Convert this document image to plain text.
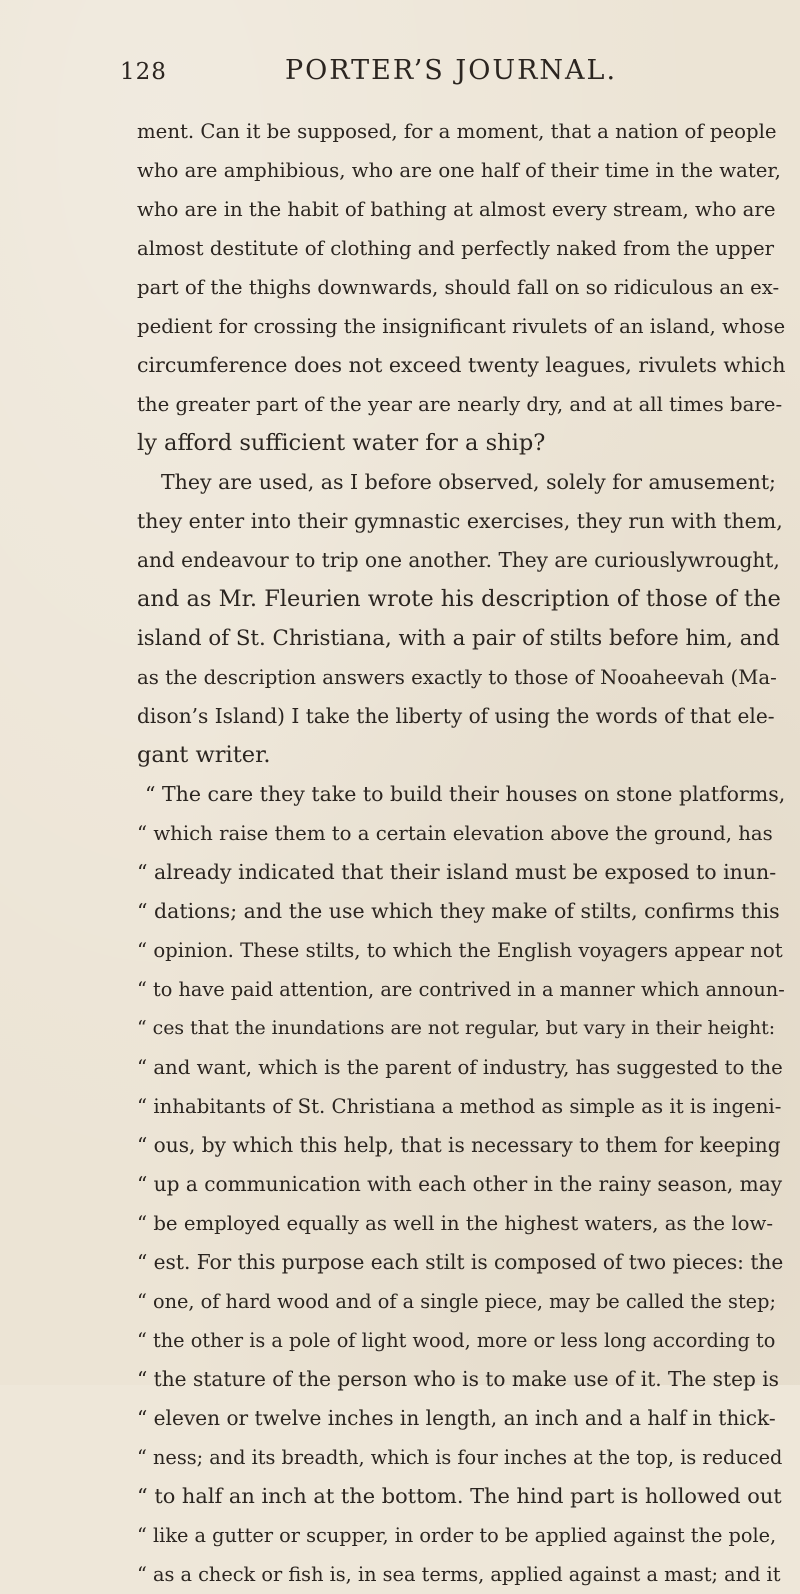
128	PORTER’S JOURNAL.
ment. Can it be supposed, for a moment, that a nation of people
who are amphibious, who are one half of their time in the water,
who are in the habit of bathing at almost every stream, who are
almost destitute of clothing and perfectly naked from the upper
part of the thighs downwards, should fall on so ridiculous an ex-
pedient for crossing the insignificant rivulets of an island, whose
circumference does not exceed twenty leagues, rivulets which
the greater part of the year are nearly dry, and at all times bare-
ly afford sufficient water for a ship?
They are used, as I before observed, solely for amusement;
they enter into their gymnastic exercises, they run with them,
and endeavour to trip one another. They are curiouslywrought,
and as Mr. Fleurien wrote his description of those of the
island of St. Christiana, with a pair of stilts before him, and
as the description answers exactly to those of Nooaheevah (Ma-
dison’s Island) I take the liberty of using the words of that ele-
gant writer.
“ The care they take to build their houses on stone platforms,
“ which raise them to a certain elevation above the ground, has
“ already indicated that their island must be exposed to inun-
“ dations; and the use which they make of stilts, confirms this
“ opinion. These stilts, to which the English voyagers appear not
“ to have paid attention, are contrived in a manner which announ-
“ ces that the inundations are not regular, but vary in their height:
“ and want, which is the parent of industry, has suggested to the
“ inhabitants of St. Christiana a method as simple as it is ingeni-
“ ous, by which this help, that is necessary to them for keeping
“ up a communication with each other in the rainy season, may
“ be employed equally as well in the highest waters, as the low-
“ est. For this purpose each stilt is composed of two pieces: the
“ one, of hard wood and of a single piece, may be called the step;
“ the other is a pole of light wood, more or less long according to
“ the stature of the person who is to make use of it. The step is
“ eleven or twelve inches in length, an inch and a half in thick-
“ ness; and its breadth, which is four inches at the top, is reduced
“ to half an inch at the bottom. The hind part is hollowed out
“ like a gutter or scupper, in order to be applied against the pole,
“ as a check or fish is, in sea terms, applied against a mast; and it
